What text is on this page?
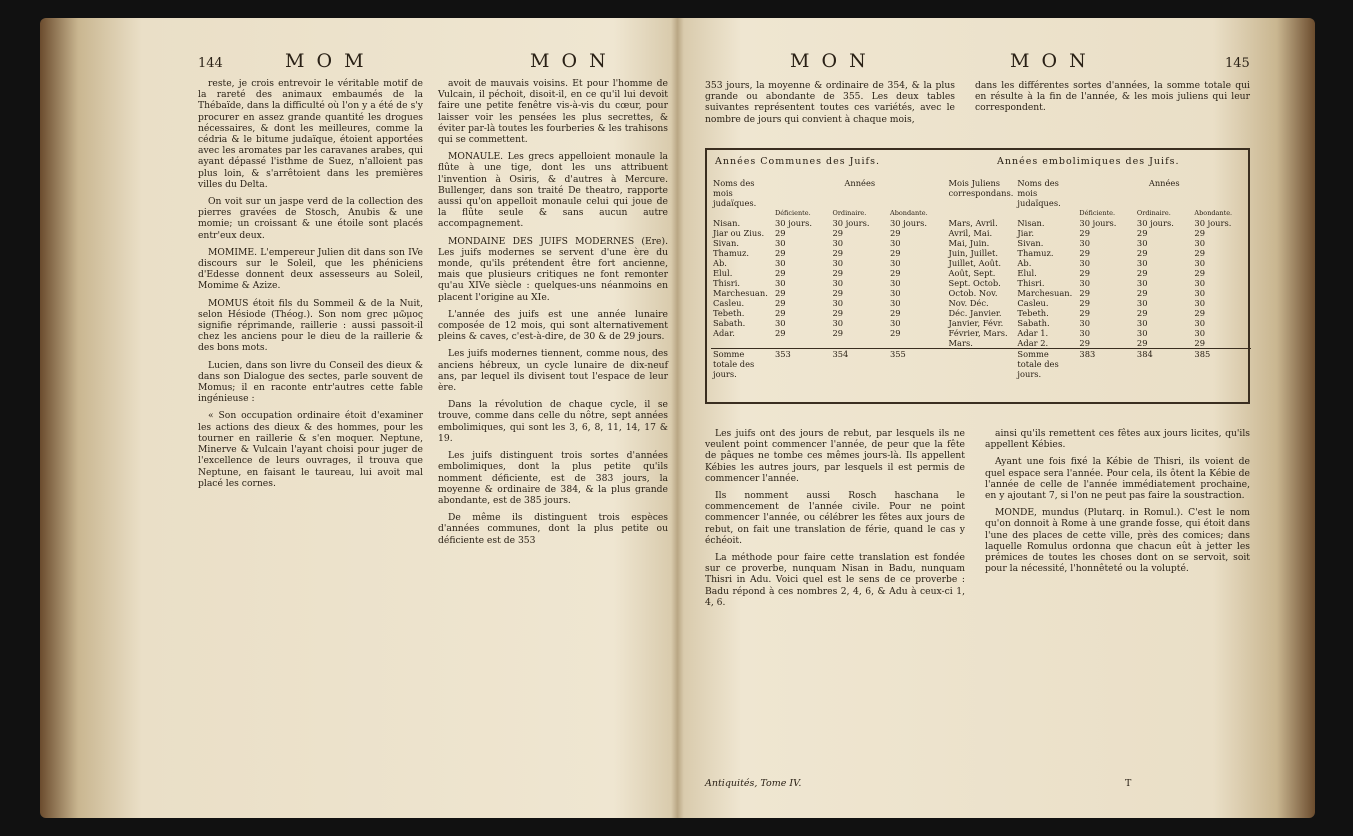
144	M O M	M O N

reste, je crois entrevoir le véritable motif de la rareté des animaux embaumés de la Thébaïde, dans la difficulté où l'on y a été de s'y procurer en assez grande quantité les drogues nécessaires, & dont les meilleures, comme la cédria & le bitume judaïque, étoient apportées avec les aromates par les caravanes arabes, qui ayant dépassé l'isthme de Suez, n'alloient pas plus loin, & s'arrêtoient dans les premières villes du Delta.

On voit sur un jaspe verd de la collection des pierres gravées de Stosch, Anubis & une momie; un croissant & une étoile sont placés entr'eux deux.

MOMIME. L'empereur Julien dit dans son IVe discours sur le Soleil, que les phéniciens d'Edesse donnent deux assesseurs au Soleil, Momime & Azize.

MOMUS étoit fils du Sommeil & de la Nuit, selon Hésiode (Théog.). Son nom grec μῶμος signifie réprimande, raillerie : aussi passoit-il chez les anciens pour le dieu de la raillerie & des bons mots.

Lucien, dans son livre du Conseil des dieux & dans son Dialogue des sectes, parle souvent de Momus; il en raconte entr'autres cette fable ingénieuse :

« Son occupation ordinaire étoit d'examiner les actions des dieux & des hommes, pour les tourner en raillerie & s'en moquer. Neptune, Minerve & Vulcain l'ayant choisi pour juger de l'excellence de leurs ouvrages, il trouva que Neptune, en faisant le taureau, lui avoit mal placé les cornes.

avoit de mauvais voisins. Et pour l'homme de Vulcain, il péchoit, disoit-il, en ce qu'il lui devoit faire une petite fenêtre vis-à-vis du cœur, pour laisser voir les pensées les plus secrettes, & éviter par-là toutes les fourberies & les trahisons qui se commettent.

MONAULE. Les grecs appelloient monaule la flûte à une tige, dont les uns attribuent l'invention à Osiris, & d'autres à Mercure. Bullenger, dans son traité De theatro, rapporte aussi qu'on appelloit monaule celui qui joue de la flûte seule & sans aucun autre accompagnement.

MONDAINE DES JUIFS MODERNES (Ere). Les juifs modernes se servent d'une ère du monde, qu'ils prétendent être fort ancienne, mais que plusieurs critiques ne font remonter qu'au XIVe siècle : quelques-uns néanmoins en placent l'origine au XIe.

L'année des juifs est une année lunaire composée de 12 mois, qui sont alternativement pleins & caves, c'est-à-dire, de 30 & de 29 jours.

Les juifs modernes tiennent, comme nous, des anciens hébreux, un cycle lunaire de dix-neuf ans, par lequel ils divisent tout l'espace de leur ère.

Dans la révolution de chaque cycle, il se trouve, comme dans celle du nôtre, sept années embolimiques, qui sont les 3, 6, 8, 11, 14, 17 & 19.

Les juifs distinguent trois sortes d'années embolimiques, dont la plus petite qu'ils nomment déficiente, est de 383 jours, la moyenne & ordinaire de 384, & la plus grande abondante, est de 385 jours.

De même ils distinguent trois espèces d'années communes, dont la plus petite ou déficiente est de 353

M O N	M O N	145

353 jours, la moyenne & ordinaire de 354, & la plus grande ou abondante de 355. Les deux tables suivantes représentent toutes ces variétés, avec le nombre de jours qui convient à chaque mois,

dans les différentes sortes d'années, la somme totale qui en résulte à la fin de l'année, & les mois juliens qui leur correspondent.

Années Communes des Juifs.	Années embolimiques des Juifs.
Noms des mois judaïques.	Années			Mois Juliens correspondans.	Noms des mois judaïques.	Années		
	Déficiente.	Ordinaire.	Abondante.			Déficiente.	Ordinaire.	Abondante.
Nisan.	30 jours.	30 jours.	30 jours.	Mars, Avril.	Nisan.	30 jours.	30 jours.	30 jours.
Jiar ou Zius.	29	29	29	Avril, Mai.	Jiar.	29	29	29
Sivan.	30	30	30	Mai, Juin.	Sivan.	30	30	30
Thamuz.	29	29	29	Juin, Juillet.	Thamuz.	29	29	29
Ab.	30	30	30	Juillet, Août.	Ab.	30	30	30
Elul.	29	29	29	Août, Sept.	Elul.	29	29	29
Thisri.	30	30	30	Sept. Octob.	Thisri.	30	30	30
Marchesuan.	29	29	30	Octob. Nov.	Marchesuan.	29	29	30
Casleu.	29	30	30	Nov. Déc.	Casleu.	29	30	30
Tebeth.	29	29	29	Déc. Janvier.	Tebeth.	29	29	29
Sabath.	30	30	30	Janvier, Févr.	Sabath.	30	30	30
Adar.	29	29	29	Février, Mars.	Adar 1.	30	30	30
				Mars.	Adar 2.	29	29	29
Somme totale des jours.	353	354	355		Somme totale des jours.	383	384	385

Les juifs ont des jours de rebut, par lesquels ils ne veulent point commencer l'année, de peur que la fête de pâques ne tombe ces mêmes jours-là. Ils appellent Kébies les autres jours, par lesquels il est permis de commencer l'année.

Ils nomment aussi Rosch haschana le commencement de l'année civile. Pour ne point commencer l'année, ou célébrer les fêtes aux jours de rebut, on fait une translation de férie, quand le cas y échéoit.

La méthode pour faire cette translation est fondée sur ce proverbe, nunquam Nisan in Badu, nunquam Thisri in Adu. Voici quel est le sens de ce proverbe : Badu répond à ces nombres 2, 4, 6, & Adu à ceux-ci 1, 4, 6.

ainsi qu'ils remettent ces fêtes aux jours licites, qu'ils appellent Kébies.

Ayant une fois fixé la Kébie de Thisri, ils voient de quel espace sera l'année. Pour cela, ils ôtent la Kébie de l'année de celle de l'année immédiatement prochaine, en y ajoutant 7, si l'on ne peut pas faire la soustraction.

MONDE, mundus (Plutarq. in Romul.). C'est le nom qu'on donnoit à Rome à une grande fosse, qui étoit dans l'une des places de cette ville, près des comices; dans laquelle Romulus ordonna que chacun eût à jetter les prémices de toutes les choses dont on se servoit, soit pour la nécessité, l'honnêteté ou la volupté.

Antiquités, Tome IV.	T
